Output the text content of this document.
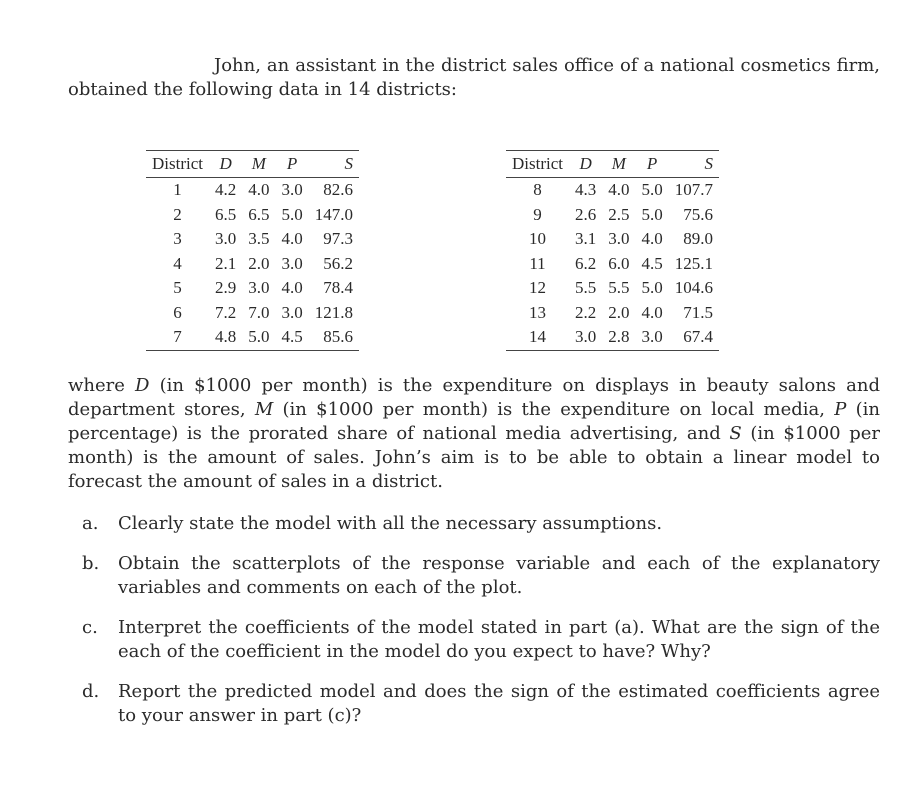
John, an assistant in the district sales office of a national cosmetics firm, obtained the following data in 14 districts:

District	D	M	P	S
1	4.2	4.0	3.0	82.6
2	6.5	6.5	5.0	147.0
3	3.0	3.5	4.0	97.3
4	2.1	2.0	3.0	56.2
5	2.9	3.0	4.0	78.4
6	7.2	7.0	3.0	121.8
7	4.8	5.0	4.5	85.6
District	D	M	P	S
8	4.3	4.0	5.0	107.7
9	2.6	2.5	5.0	75.6
10	3.1	3.0	4.0	89.0
11	6.2	6.0	4.5	125.1
12	5.5	5.5	5.0	104.6
13	2.2	2.0	4.0	71.5
14	3.0	2.8	3.0	67.4

where D (in $1000 per month) is the expenditure on displays in beauty salons and department stores, M (in $1000 per month) is the expenditure on local media, P (in percentage) is the prorated share of national media advertising, and S (in $1000 per month) is the amount of sales. John’s aim is to be able to obtain a linear model to forecast the amount of sales in a district.

a. Clearly state the model with all the necessary assumptions.
b. Obtain the scatterplots of the response variable and each of the explanatory variables and comments on each of the plot.
c. Interpret the coefficients of the model stated in part (a). What are the sign of the each of the coefficient in the model do you expect to have? Why?
d. Report the predicted model and does the sign of the estimated coefficients agree to your answer in part (c)?
